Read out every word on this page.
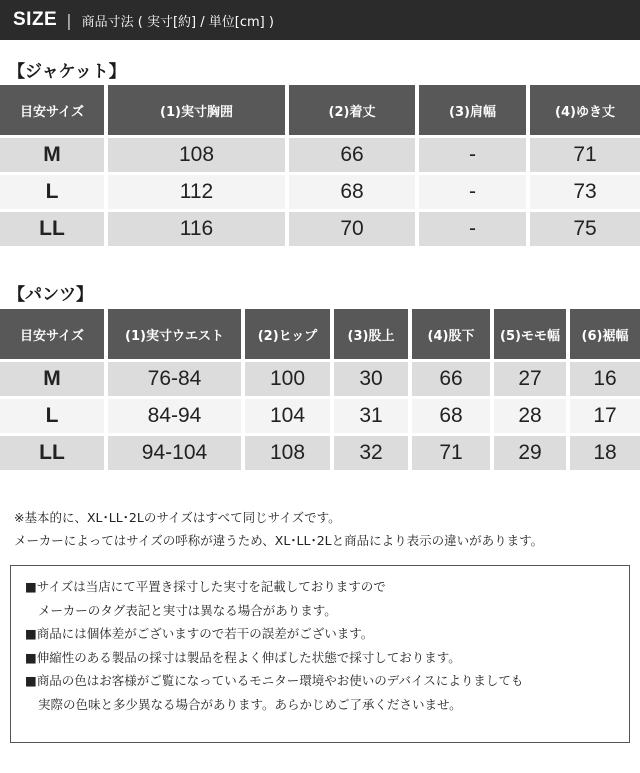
SIZE | 商品寸法 ( 実寸[約] / 単位[cm] )
【ジャケット】
目安サイズ	(1)実寸胸囲	(2)着丈	(3)肩幅	(4)ゆき丈
M	108	66	-	71
L	112	68	-	73
LL	116	70	-	75
【パンツ】
目安サイズ	(1)実寸ウエスト	(2)ヒップ	(3)股上	(4)股下	(5)モモ幅	(6)裾幅
M	76-84	100	30	66	27	16
L	84-94	104	31	68	28	17
LL	94-104	108	32	71	29	18
※基本的に、XL･LL･2Lのサイズはすべて同じサイズです。
メーカーによってはサイズの呼称が違うため、XL･LL･2Lと商品により表示の違いがあります。
■サイズは当店にて平置き採寸した実寸を記載しておりますので
メーカーのタグ表記と実寸は異なる場合があります。
■商品には個体差がございますので若干の誤差がございます。
■伸縮性のある製品の採寸は製品を程よく伸ばした状態で採寸しております。
■商品の色はお客様がご覧になっているモニター環境やお使いのデバイスによりましても
実際の色味と多少異なる場合があります。あらかじめご了承くださいませ。
